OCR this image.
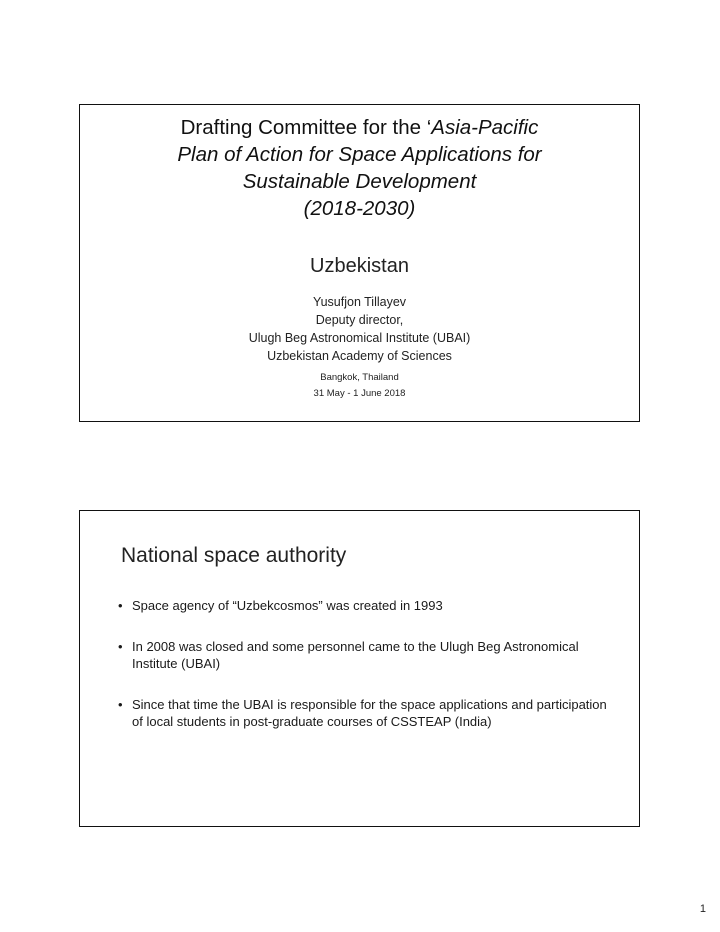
Drafting Committee for the ‘Asia-Pacific
Plan of Action for Space Applications for
Sustainable Development
(2018-2030)
Uzbekistan
Yusufjon Tillayev
Deputy director,
Ulugh Beg Astronomical Institute (UBAI)
Uzbekistan Academy of Sciences
Bangkok, Thailand
31 May - 1 June 2018
National space authority
• Space agency of “Uzbekcosmos” was created in 1993
• In 2008 was closed and some personnel came to the Ulugh Beg Astronomical Institute (UBAI)
• Since that time the UBAI is responsible for the space applications and participation of local students in post-graduate courses of CSSTEAP (India)
1
